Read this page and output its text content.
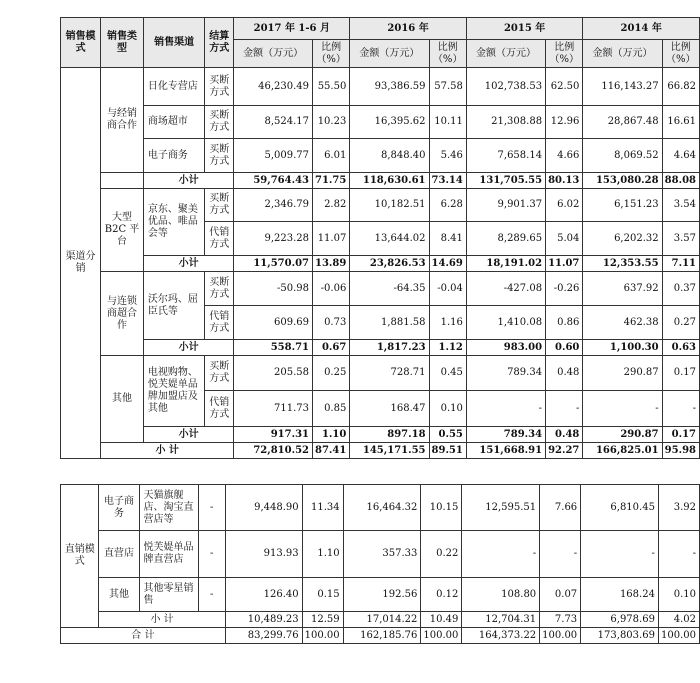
销售模式	销售类型	销售渠道	结算方式	2017 年 1-6 月		2016 年		2015 年		2014 年	
				金额（万元）	比例（%）	金额（万元）	比例（%）	金额（万元）	比例（%）	金额（万元）	比例（%）
渠道分销	与经销商合作	日化专营店	买断方式	46,230.49	55.50	93,386.59	57.58	102,738.53	62.50	116,143.27	66.82
		商场超市	买断方式	8,524.17	10.23	16,395.62	10.11	21,308.88	12.96	28,867.48	16.61
		电子商务	买断方式	5,009.77	6.01	8,848.40	5.46	7,658.14	4.66	8,069.52	4.64
		小计		59,764.43	71.75	118,630.61	73.14	131,705.55	80.13	153,080.28	88.08
	大型 B2C 平台	京东、聚美优品、唯品会等	买断方式	2,346.79	2.82	10,182.51	6.28	9,901.37	6.02	6,151.23	3.54
			代销方式	9,223.28	11.07	13,644.02	8.41	8,289.65	5.04	6,202.32	3.57
		小计		11,570.07	13.89	23,826.53	14.69	18,191.02	11.07	12,353.55	7.11
	与连锁商超合作	沃尔玛、屈臣氏等	买断方式	-50.98	-0.06	-64.35	-0.04	-427.08	-0.26	637.92	0.37
			代销方式	609.69	0.73	1,881.58	1.16	1,410.08	0.86	462.38	0.27
		小计		558.71	0.67	1,817.23	1.12	983.00	0.60	1,100.30	0.63
	其他	电视购物、悦芙媞单品牌加盟店及其他	买断方式	205.58	0.25	728.71	0.45	789.34	0.48	290.87	0.17
			代销方式	711.73	0.85	168.47	0.10	-	-	-	-
		小计		917.31	1.10	897.18	0.55	789.34	0.48	290.87	0.17
	小 计			72,810.52	87.41	145,171.55	89.51	151,668.91	92.27	166,825.01	95.98
直销模式	电子商务	天猫旗舰店、淘宝直营店等	-	9,448.90	11.34	16,464.32	10.15	12,595.51	7.66	6,810.45	3.92
	直营店	悦芙媞单品牌直营店	-	913.93	1.10	357.33	0.22	-	-	-	-
	其他	其他零星销售	-	126.40	0.15	192.56	0.12	108.80	0.07	168.24	0.10
	小 计			10,489.23	12.59	17,014.22	10.49	12,704.31	7.73	6,978.69	4.02
合 计				83,299.76	100.00	162,185.76	100.00	164,373.22	100.00	173,803.69	100.00
